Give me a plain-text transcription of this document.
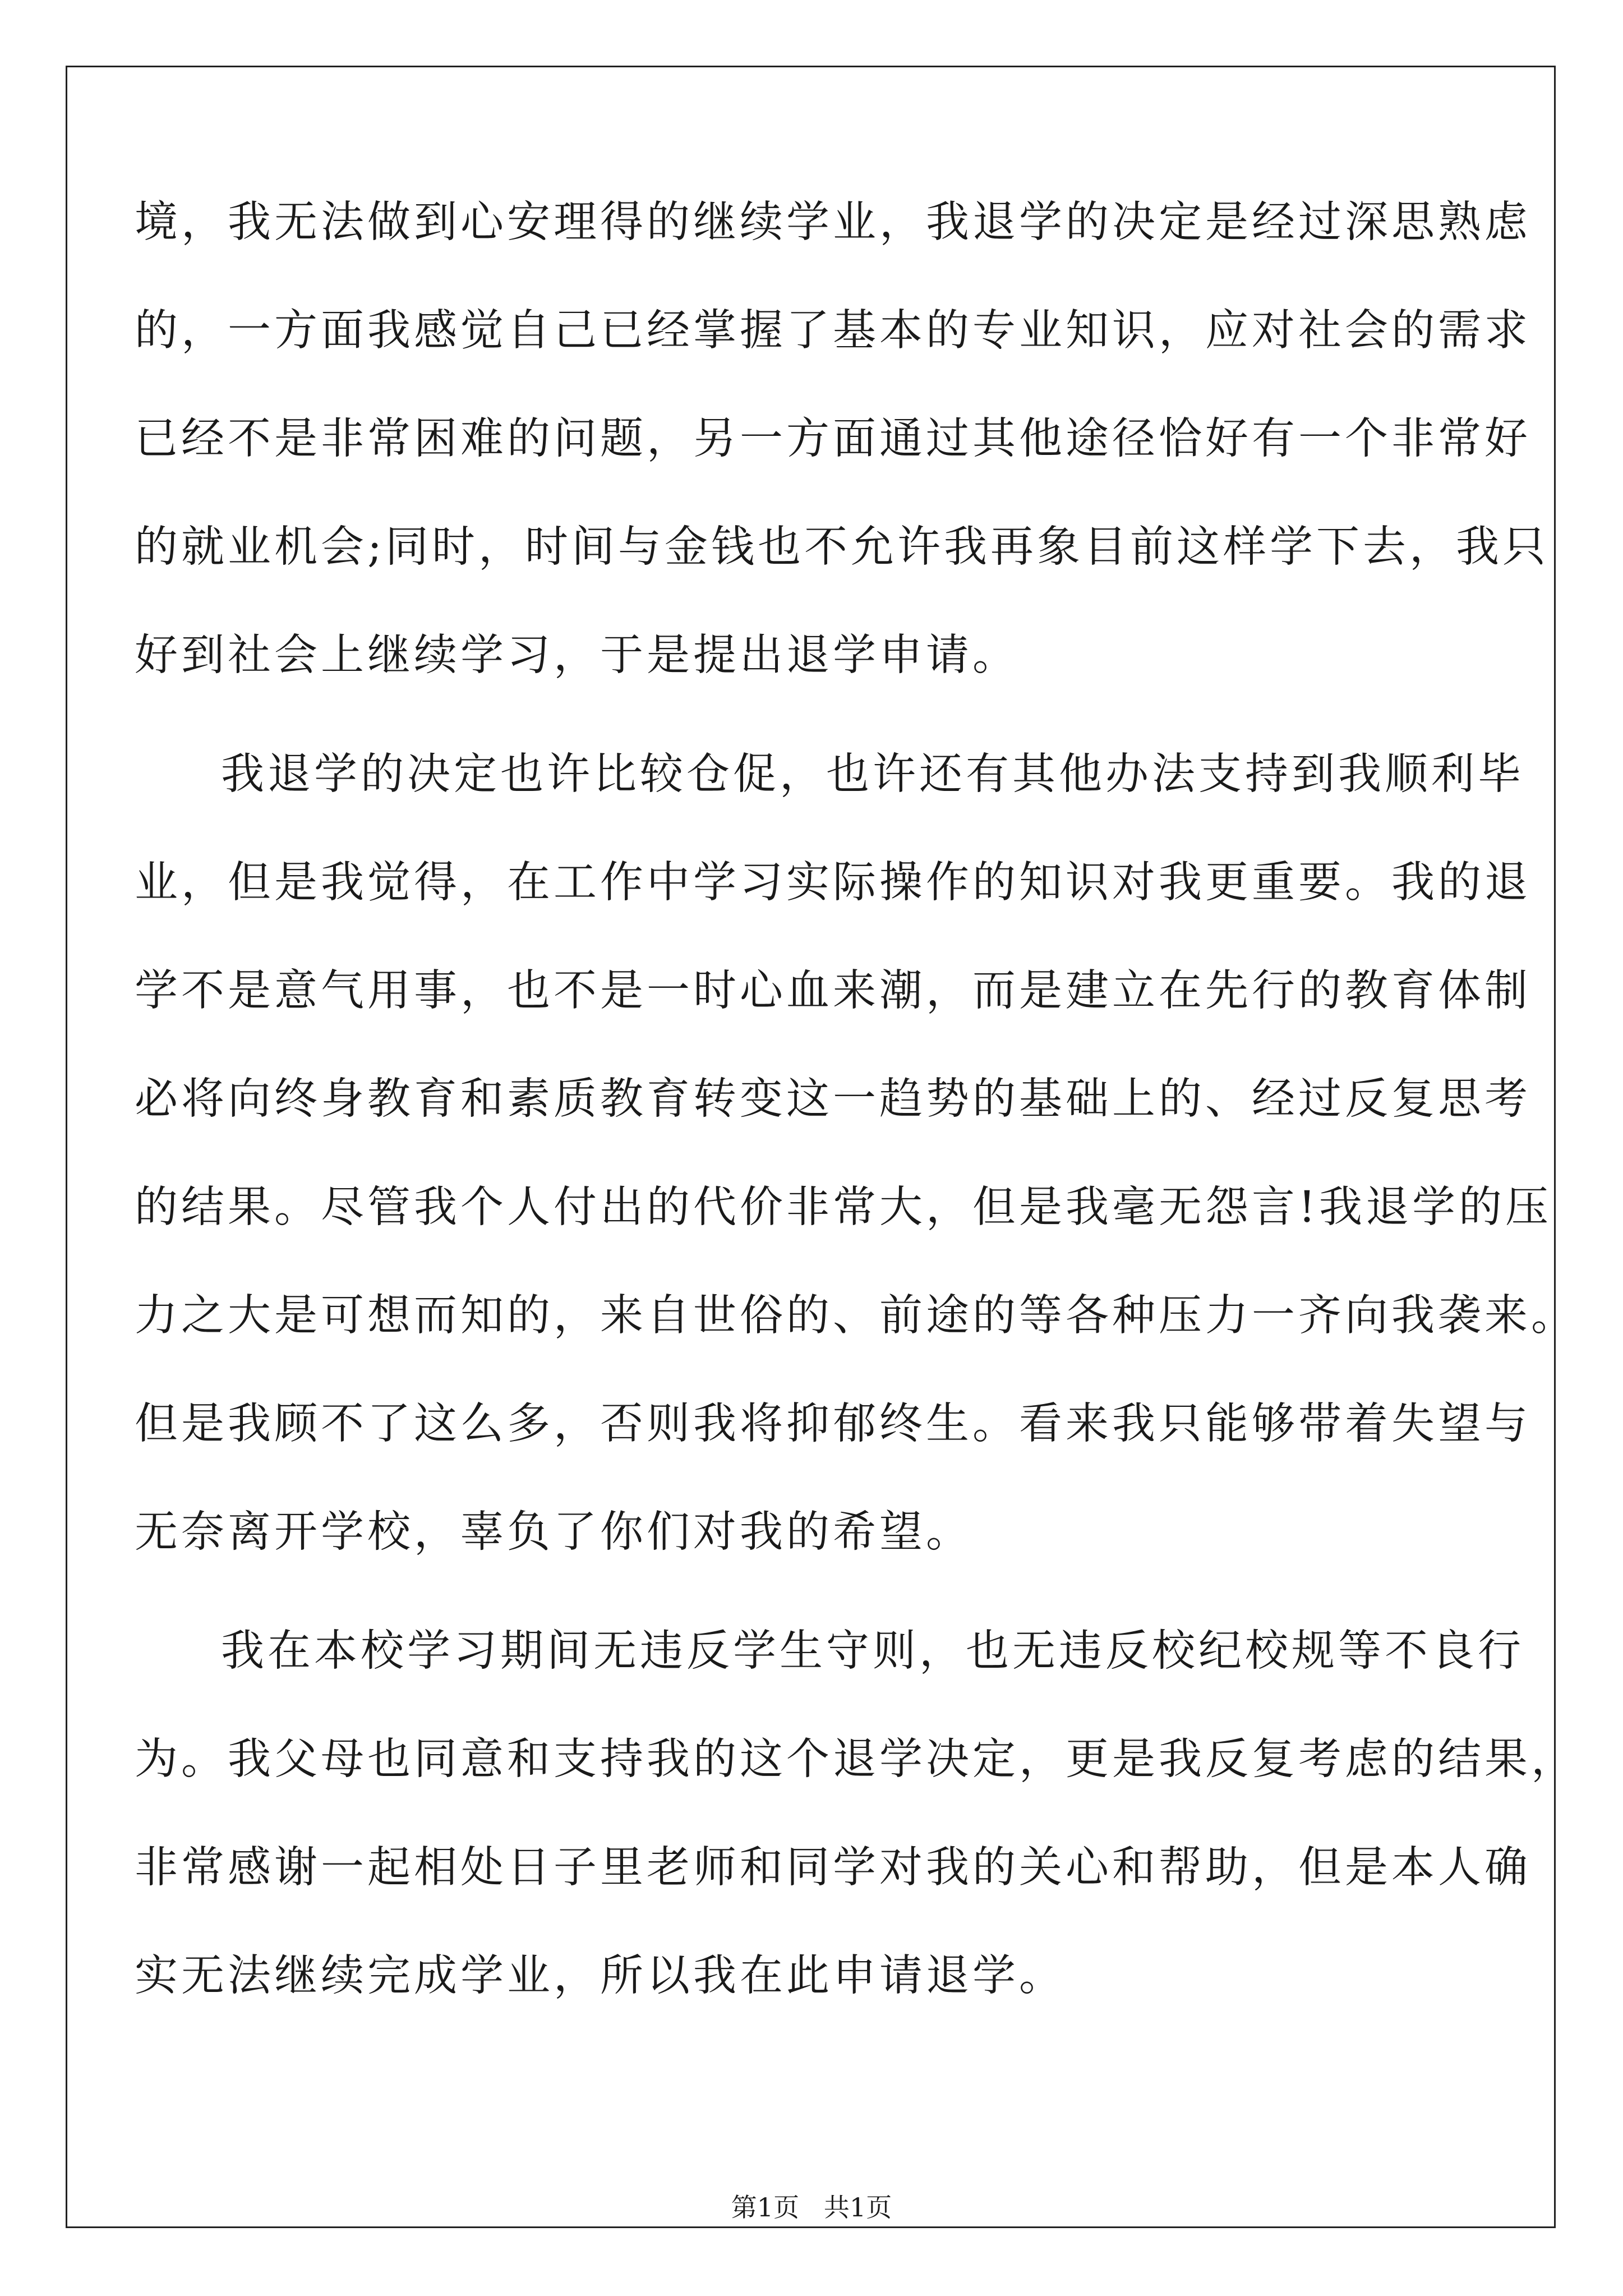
境，我无法做到心安理得的继续学业，我退学的决定是经过深思熟虑
的，一方面我感觉自己已经掌握了基本的专业知识，应对社会的需求
已经不是非常困难的问题，另一方面通过其他途径恰好有一个非常好
的就业机会;同时，时间与金钱也不允许我再象目前这样学下去，我只
好到社会上继续学习，于是提出退学申请。
我退学的决定也许比较仓促，也许还有其他办法支持到我顺利毕
业，但是我觉得，在工作中学习实际操作的知识对我更重要。我的退
学不是意气用事，也不是一时心血来潮，而是建立在先行的教育体制
必将向终身教育和素质教育转变这一趋势的基础上的、经过反复思考
的结果。尽管我个人付出的代价非常大，但是我毫无怨言!我退学的压
力之大是可想而知的，来自世俗的、前途的等各种压力一齐向我袭来。
但是我顾不了这么多，否则我将抑郁终生。看来我只能够带着失望与
无奈离开学校，辜负了你们对我的希望。
我在本校学习期间无违反学生守则，也无违反校纪校规等不良行
为。我父母也同意和支持我的这个退学决定，更是我反复考虑的结果，
非常感谢一起相处日子里老师和同学对我的关心和帮助，但是本人确
实无法继续完成学业，所以我在此申请退学。
第1页   共1页
